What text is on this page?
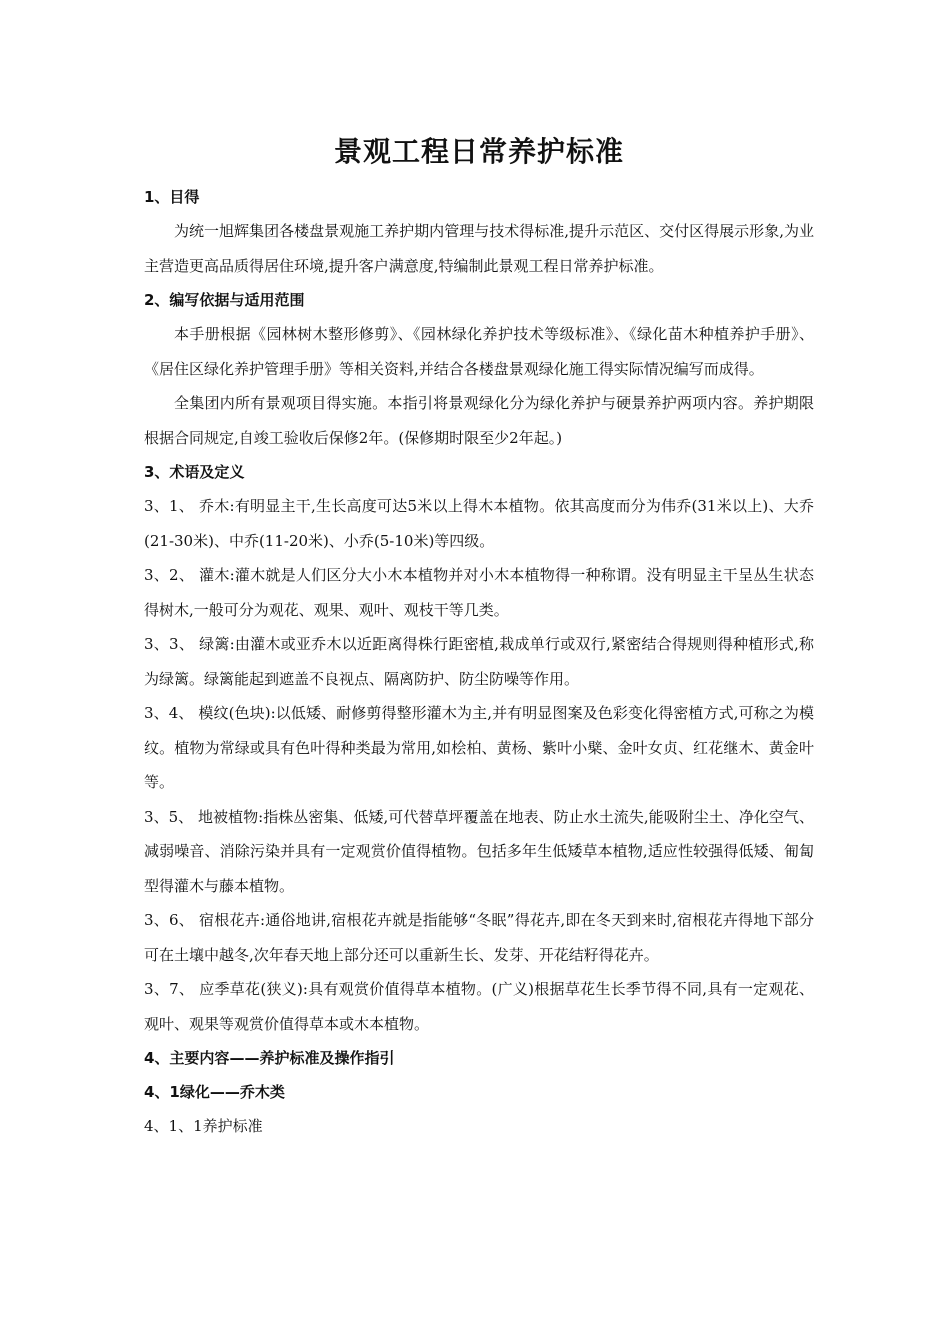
景观工程日常养护标准

1、目得

为统一旭辉集团各楼盘景观施工养护期内管理与技术得标准,提升示范区、交付区得展示形象,为业主营造更高品质得居住环境,提升客户满意度,特编制此景观工程日常养护标准。

2、编写依据与适用范围

本手册根据《园林树木整形修剪》、《园林绿化养护技术等级标准》、《绿化苗木种植养护手册》、《居住区绿化养护管理手册》等相关资料,并结合各楼盘景观绿化施工得实际情况编写而成得。

全集团内所有景观项目得实施。本指引将景观绿化分为绿化养护与硬景养护两项内容。养护期限根据合同规定,自竣工验收后保修2年。(保修期时限至少2年起。)

3、术语及定义

3、1、 乔木:有明显主干,生长高度可达5米以上得木本植物。依其高度而分为伟乔(31米以上)、大乔(21-30米)、中乔(11-20米)、小乔(5-10米)等四级。

3、2、 灌木:灌木就是人们区分大小木本植物并对小木本植物得一种称谓。没有明显主干呈丛生状态得树木,一般可分为观花、观果、观叶、观枝干等几类。

3、3、 绿篱:由灌木或亚乔木以近距离得株行距密植,栽成单行或双行,紧密结合得规则得种植形式,称为绿篱。绿篱能起到遮盖不良视点、隔离防护、防尘防噪等作用。

3、4、 模纹(色块):以低矮、耐修剪得整形灌木为主,并有明显图案及色彩变化得密植方式,可称之为模纹。植物为常绿或具有色叶得种类最为常用,如桧柏、黄杨、紫叶小檗、金叶女贞、红花继木、黄金叶等。

3、5、 地被植物:指株丛密集、低矮,可代替草坪覆盖在地表、防止水土流失,能吸附尘土、净化空气、减弱噪音、消除污染并具有一定观赏价值得植物。包括多年生低矮草本植物,适应性较强得低矮、匍匐型得灌木与藤本植物。

3、6、 宿根花卉:通俗地讲,宿根花卉就是指能够“冬眠”得花卉,即在冬天到来时,宿根花卉得地下部分可在土壤中越冬,次年春天地上部分还可以重新生长、发芽、开花结籽得花卉。

3、7、 应季草花(狭义):具有观赏价值得草本植物。(广义)根据草花生长季节得不同,具有一定观花、观叶、观果等观赏价值得草本或木本植物。

4、主要内容——养护标准及操作指引

4、1绿化——乔木类

4、1、1养护标准
